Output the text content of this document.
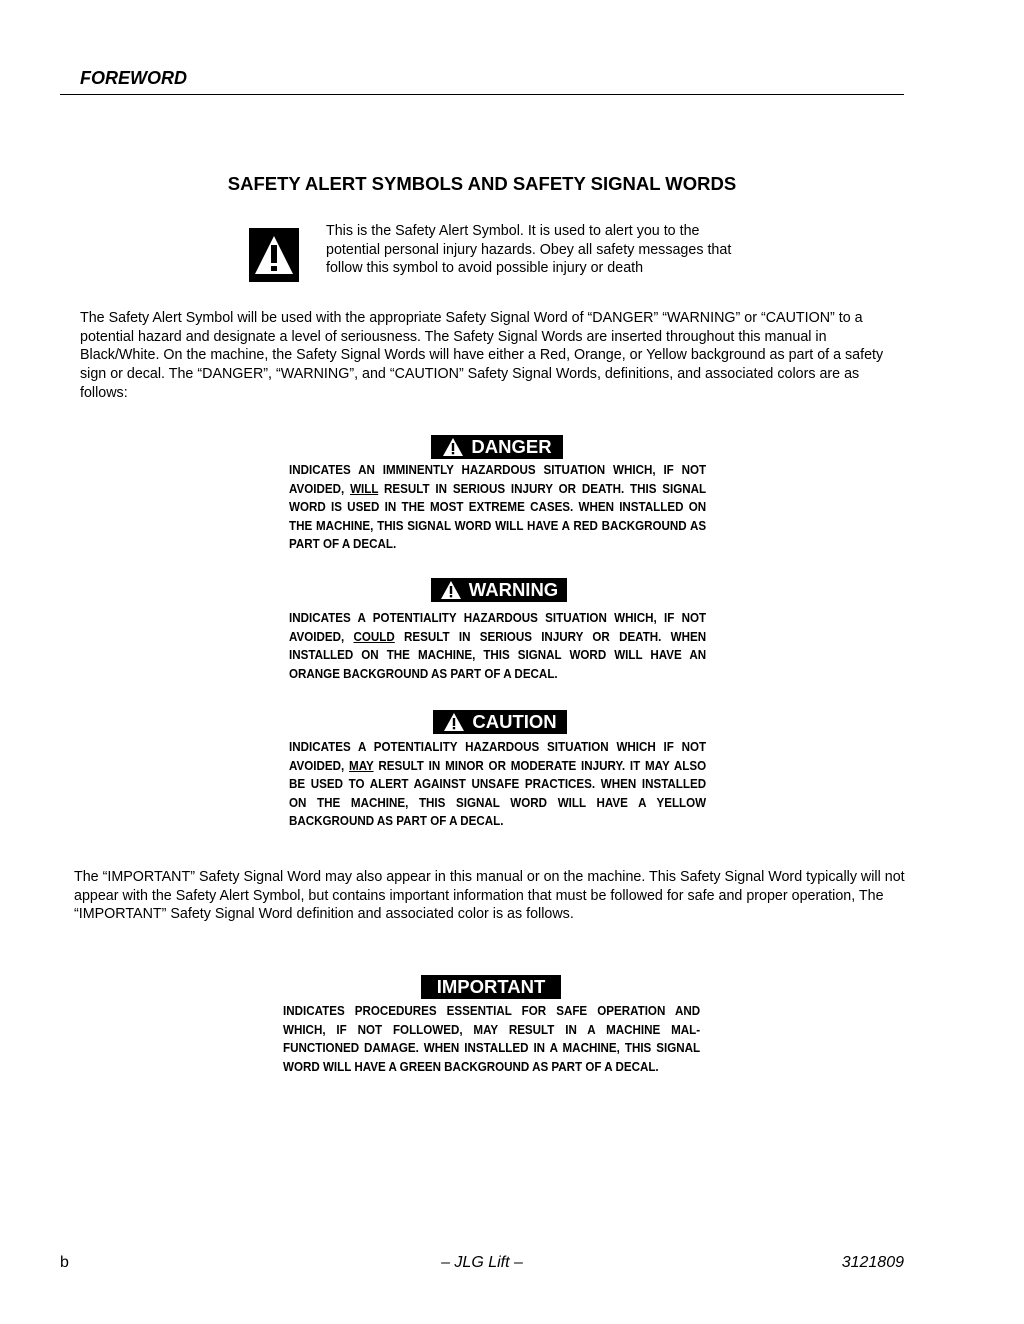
FOREWORD
SAFETY ALERT SYMBOLS AND SAFETY SIGNAL WORDS
This is the Safety Alert Symbol. It is used to alert you to the potential personal injury hazards. Obey all safety messages that follow this symbol to avoid possible injury or death
The Safety Alert Symbol will be used with the appropriate Safety Signal Word of “DANGER” “WARNING” or “CAUTION” to a potential hazard and designate a level of seriousness. The Safety Signal Words are inserted throughout this manual in Black/White. On the machine, the Safety Signal Words will have either a Red, Orange, or Yellow background as part of a safety sign or decal. The “DANGER”, “WARNING”, and “CAUTION” Safety Signal Words, definitions, and associated colors are as follows:
DANGER
INDICATES AN IMMINENTLY HAZARDOUS SITUATION WHICH, IF NOT AVOIDED, WILL RESULT IN SERIOUS INJURY OR DEATH. THIS SIGNAL WORD IS USED IN THE MOST EXTREME CASES. WHEN INSTALLED ON THE MACHINE, THIS SIGNAL WORD WILL HAVE A RED BACKGROUND AS PART OF A DECAL.
WARNING
INDICATES A POTENTIALITY HAZARDOUS SITUATION WHICH, IF NOT AVOIDED, COULD RESULT IN SERIOUS INJURY OR DEATH. WHEN INSTALLED ON THE MACHINE, THIS SIGNAL WORD WILL HAVE AN ORANGE BACKGROUND AS PART OF A DECAL.
CAUTION
INDICATES A POTENTIALITY HAZARDOUS SITUATION WHICH IF NOT AVOIDED, MAY RESULT IN MINOR OR MODERATE INJURY. IT MAY ALSO BE USED TO ALERT AGAINST UNSAFE PRACTICES. WHEN INSTALLED ON THE MACHINE, THIS SIGNAL WORD WILL HAVE A YELLOW BACKGROUND AS PART OF A DECAL.
The “IMPORTANT” Safety Signal Word may also appear in this manual or on the machine. This Safety Signal Word typically will not appear with the Safety Alert Symbol, but contains important information that must be followed for safe and proper operation, The “IMPORTANT” Safety Signal Word definition and associated color is as follows.
IMPORTANT
INDICATES PROCEDURES ESSENTIAL FOR SAFE OPERATION AND WHICH, IF NOT FOLLOWED, MAY RESULT IN A MACHINE MAL-FUNCTIONED DAMAGE. WHEN INSTALLED IN A MACHINE, THIS SIGNAL WORD WILL HAVE A GREEN BACKGROUND AS PART OF A DECAL.
b	– JLG Lift –	3121809
